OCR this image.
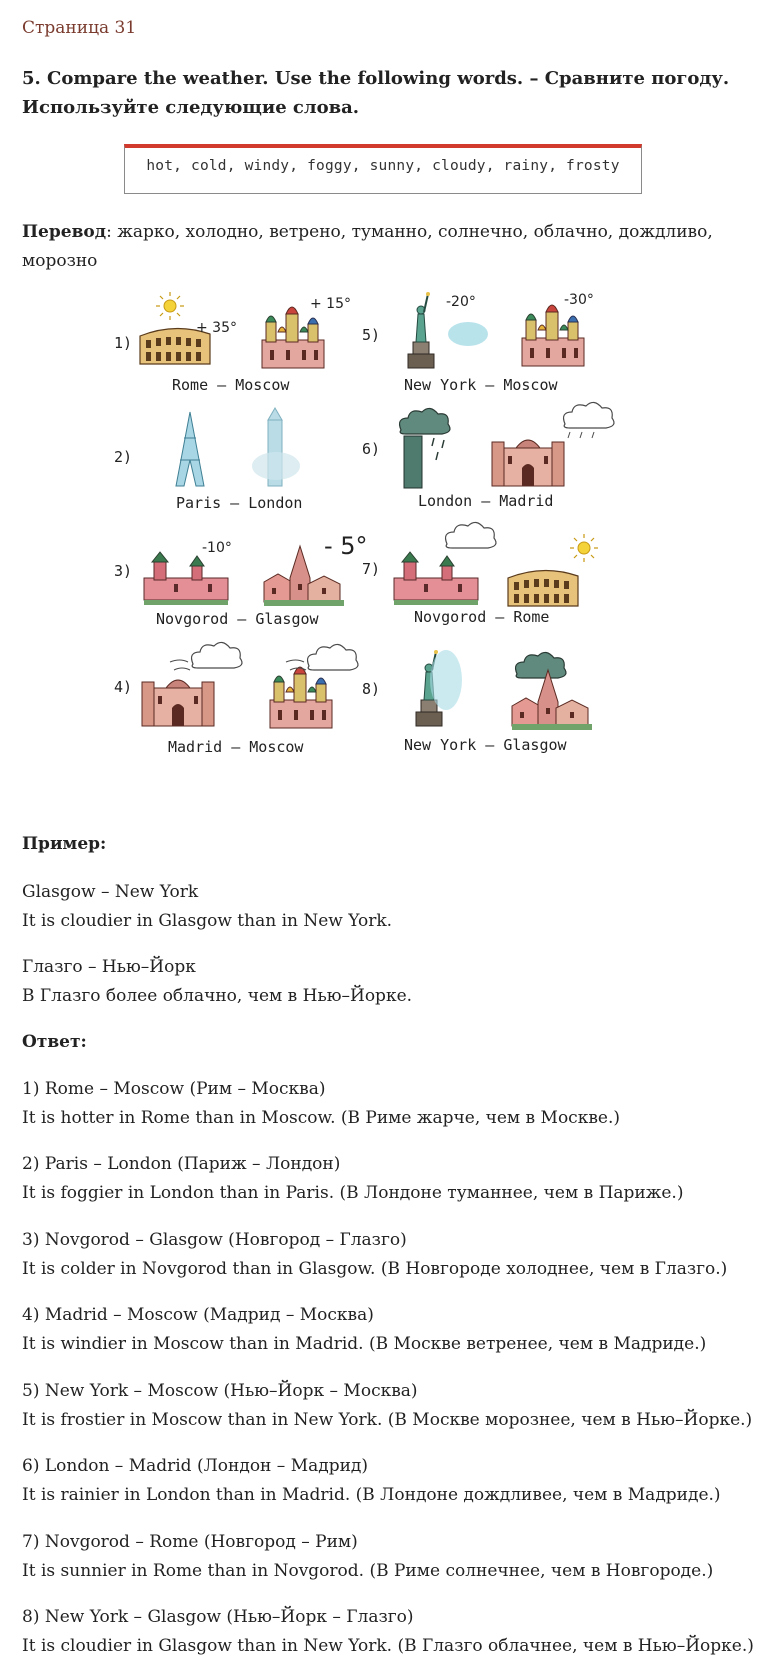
Страница 31
5. Compare the weather. Use the following words. – Сравните погоду.
Используйте следующие слова.
hot, cold, windy, foggy, sunny, cloudy, rainy, frosty
Перевод: жарко, холодно, ветрено, туманно, солнечно, облачно, дождливо,
морозно
1)
+ 35°
+ 15°
Rome — Moscow
2)
Paris — London
3)
-10°	- 5°
Novgorod — Glasgow
4)
Madrid — Moscow
5)
-20°	-30°
New York — Moscow
6)
London — Madrid
7)
Novgorod — Rome
8)
New York — Glasgow
Пример:
Glasgow – New York
It is cloudier in Glasgow than in New York.
Глазго – Нью–Йорк
В Глазго более облачно, чем в Нью–Йорке.
Ответ:
1) Rome – Moscow (Рим – Москва)
It is hotter in Rome than in Moscow. (В Риме жарче, чем в Москве.)
2) Paris – London (Париж – Лондон)
It is foggier in London than in Paris. (В Лондоне туманнее, чем в Париже.)
3) Novgorod – Glasgow (Новгород – Глазго)
It is colder in Novgorod than in Glasgow. (В Новгороде холоднее, чем в Глазго.)
4) Madrid – Moscow (Мадрид – Москва)
It is windier in Moscow than in Madrid. (В Москве ветренее, чем в Мадриде.)
5) New York – Moscow (Нью–Йорк – Москва)
It is frostier in Moscow than in New York. (В Москве морознее, чем в Нью–Йорке.)
6) London – Madrid (Лондон – Мадрид)
It is rainier in London than in Madrid. (В Лондоне дождливее, чем в Мадриде.)
7) Novgorod – Rome (Новгород – Рим)
It is sunnier in Rome than in Novgorod. (В Риме солнечнее, чем в Новгороде.)
8) New York – Glasgow (Нью–Йорк – Глазго)
It is cloudier in Glasgow than in New York. (В Глазго облачнее, чем в Нью–Йорке.)
